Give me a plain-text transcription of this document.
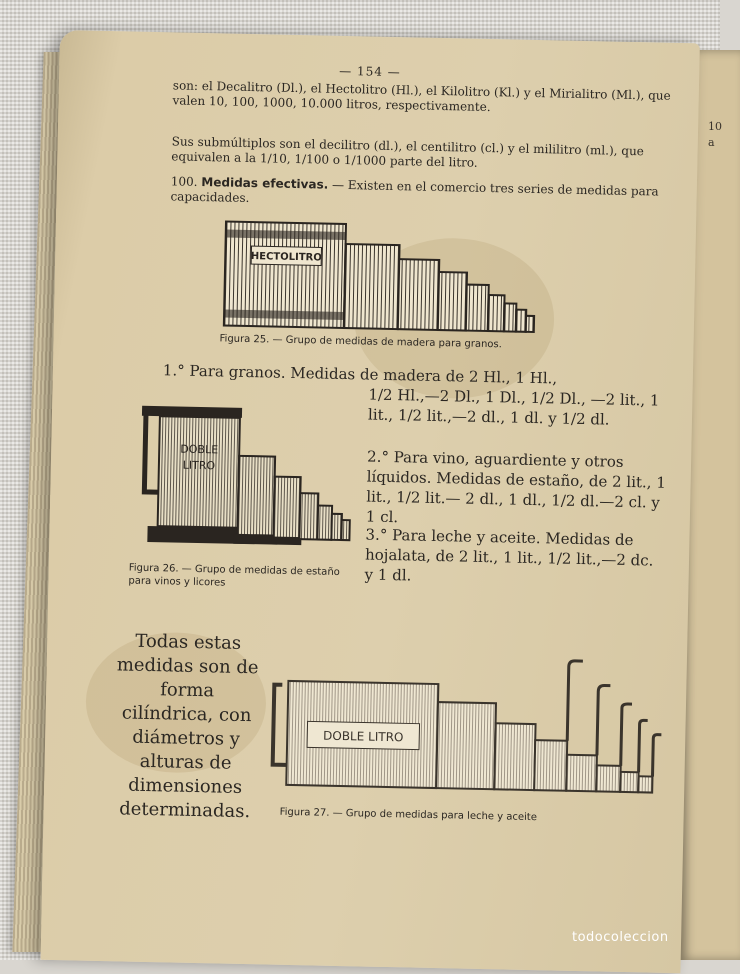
10
a
— 154 —
son: el Decalitro (Dl.), el Hectolitro (Hl.), el Kilolitro (Kl.) y el Mirialitro (Ml.), que valen 10, 100, 1000, 10.000 litros, respectivamente.
Sus submúltiplos son el decilitro (dl.), el centilitro (cl.) y el mililitro (ml.), que equivalen a la 1/10, 1/100 o 1/1000 parte del litro.
100. Medidas efectivas. — Existen en el comercio tres series de medidas para capacidades.
HECTOLITRO
Figura 25. — Grupo de medidas de madera para granos.
1.° Para granos. Medidas de madera de 2 Hl., 1 Hl.,
1/2 Hl.,—2 Dl., 1 Dl., 1/2 Dl., —2 lit., 1 lit., 1/2 lit.,—2 dl., 1 dl. y 1/2 dl.
2.° Para vino, aguardiente y otros líquidos. Medidas de estaño, de 2 lit., 1 lit., 1/2 lit.— 2 dl., 1 dl., 1/2 dl.—2 cl. y 1 cl.
3.° Para leche y aceite. Medidas de hojalata, de 2 lit., 1 lit., 1/2 lit.,—2 dc. y 1 dl.
DOBLE
LITRO
Figura 26. — Grupo de medidas de estaño para vinos y licores
Todas estas medidas son de forma cilíndrica, con diámetros y alturas de dimensiones determinadas.
DOBLE LITRO
Figura 27. — Grupo de medidas para leche y aceite
todocoleccion
